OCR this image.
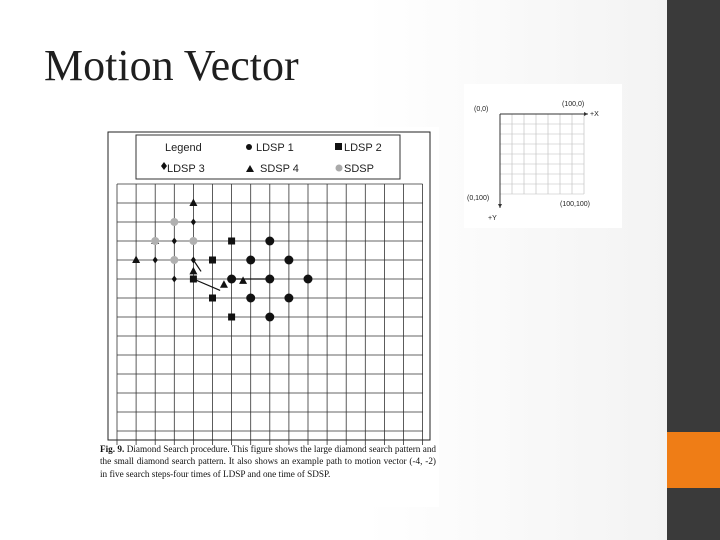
Motion Vector
Legend	LDSP 1	LDSP 2
LDSP 3	SDSP 4	SDSP
Fig. 9. Diamond Search procedure. This figure shows the large diamond search pattern and the small diamond search pattern. It also shows an example path to motion vector (-4, -2) in five search steps-four times of LDSP and one time of SDSP.
(0,0)
(100,0)
+X
(0,100)
(100,100)
+Y
